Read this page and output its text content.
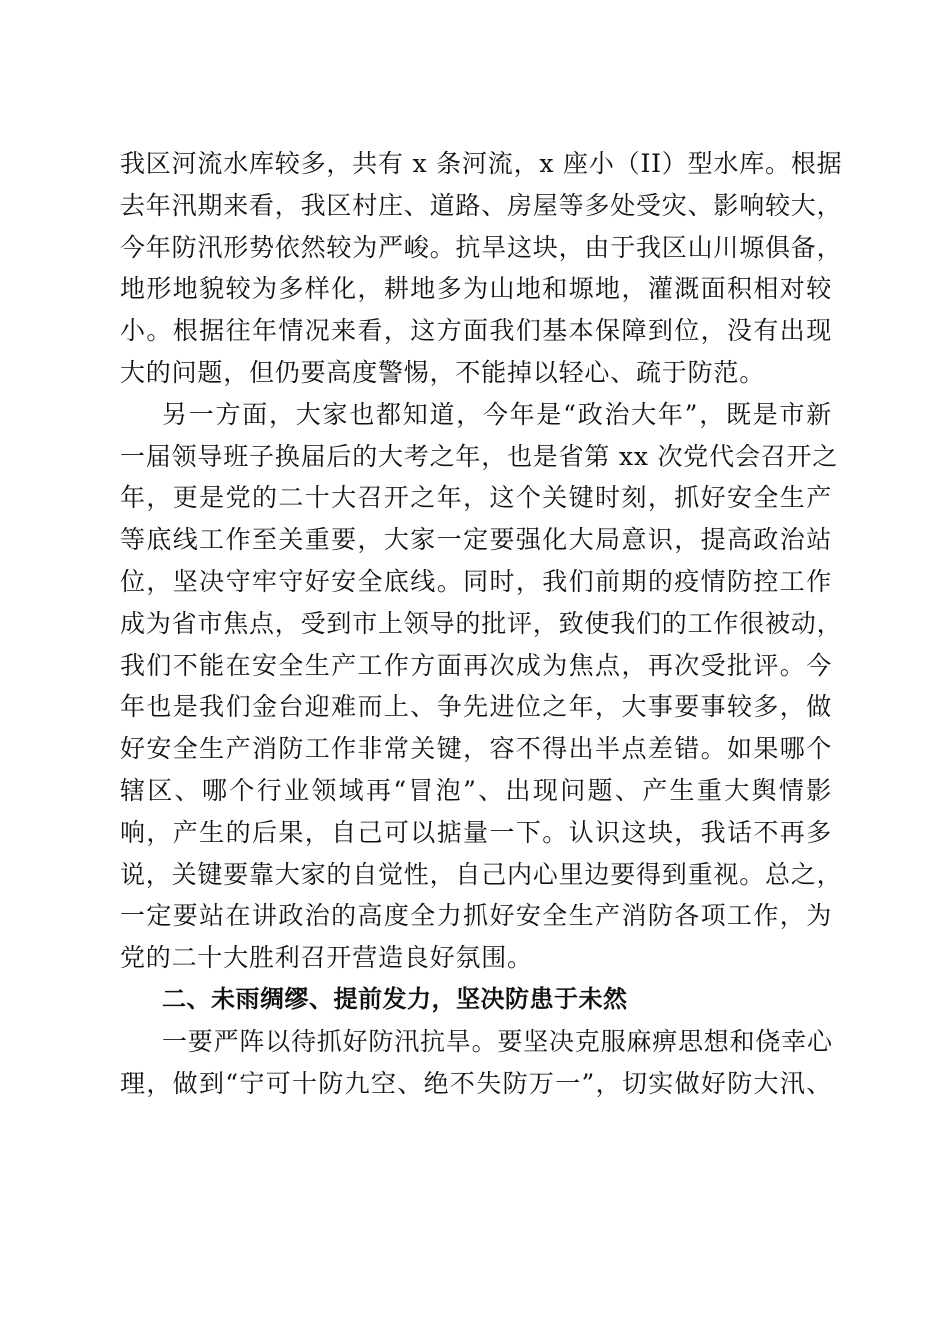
我区河流水库较多，共有 x 条河流，x 座小（II）型水库。根据
去年汛期来看，我区村庄、道路、房屋等多处受灾、影响较大，
今年防汛形势依然较为严峻。抗旱这块，由于我区山川塬俱备，
地形地貌较为多样化，耕地多为山地和塬地，灌溉面积相对较
小。根据往年情况来看，这方面我们基本保障到位，没有出现
大的问题，但仍要高度警惕，不能掉以轻心、疏于防范。
另一方面，大家也都知道，今年是“政治大年”，既是市新
一届领导班子换届后的大考之年，也是省第 xx 次党代会召开之
年，更是党的二十大召开之年，这个关键时刻，抓好安全生产
等底线工作至关重要，大家一定要强化大局意识，提高政治站
位，坚决守牢守好安全底线。同时，我们前期的疫情防控工作
成为省市焦点，受到市上领导的批评，致使我们的工作很被动，
我们不能在安全生产工作方面再次成为焦点，再次受批评。今
年也是我们金台迎难而上、争先进位之年，大事要事较多，做
好安全生产消防工作非常关键，容不得出半点差错。如果哪个
辖区、哪个行业领域再“冒泡”、出现问题、产生重大舆情影
响，产生的后果，自己可以掂量一下。认识这块，我话不再多
说，关键要靠大家的自觉性，自己内心里边要得到重视。总之，
一定要站在讲政治的高度全力抓好安全生产消防各项工作，为
党的二十大胜利召开营造良好氛围。
二、未雨绸缪、提前发力，坚决防患于未然
一要严阵以待抓好防汛抗旱。要坚决克服麻痹思想和侥幸心
理，做到“宁可十防九空、绝不失防万一”，切实做好防大汛、
